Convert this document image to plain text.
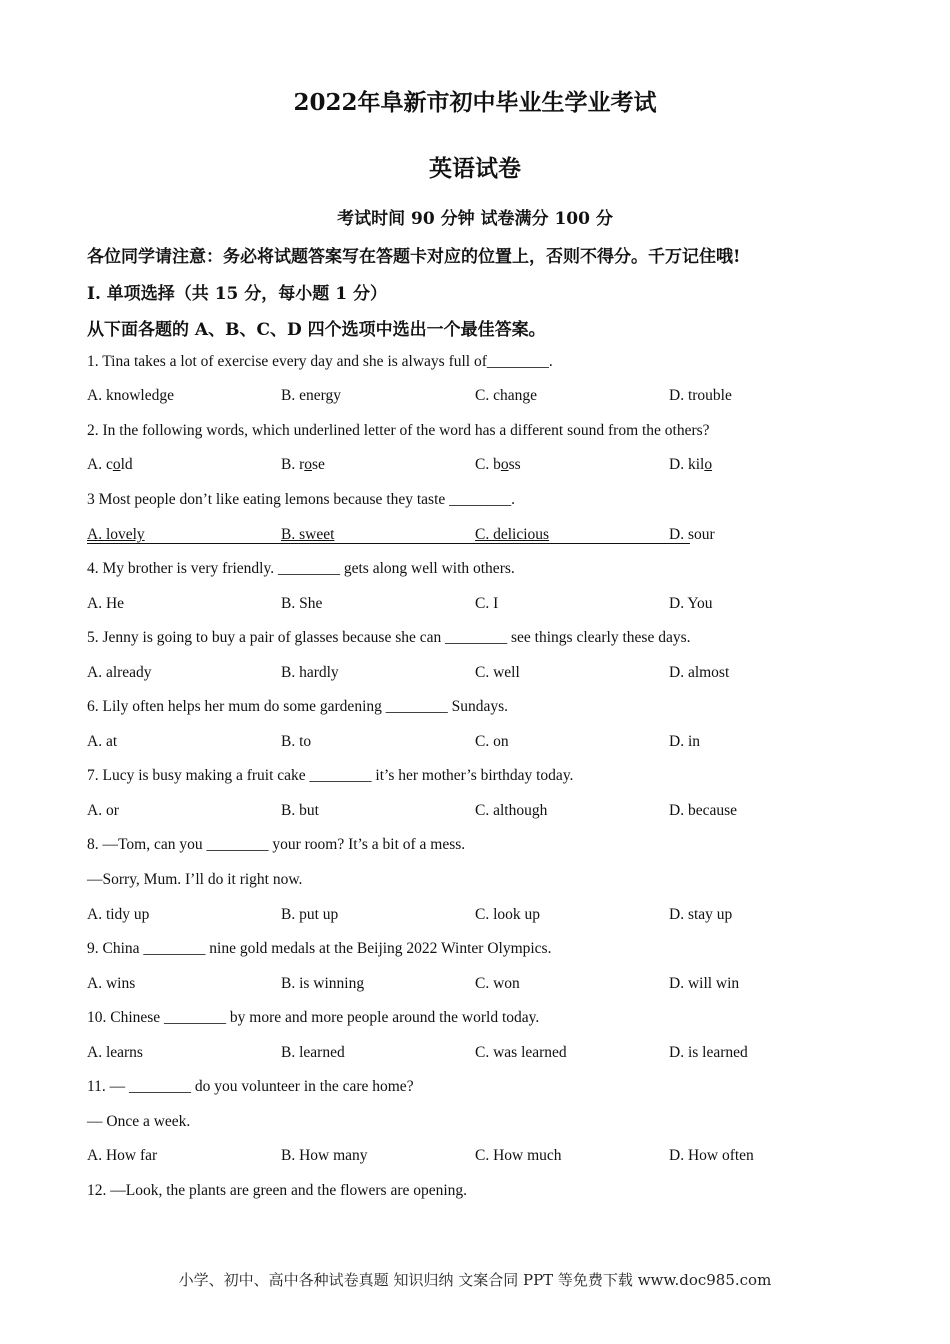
2022年阜新市初中毕业生学业考试
英语试卷
考试时间 90 分钟 试卷满分 100 分
各位同学请注意：务必将试题答案写在答题卡对应的位置上，否则不得分。千万记住哦!
I. 单项选择（共 15 分，每小题 1 分）
从下面各题的 A、B、C、D 四个选项中选出一个最佳答案。
1. Tina takes a lot of exercise every day and she is always full of________.
A. knowledge	B. energy	C. change	D. trouble
2. In the following words, which underlined letter of the word has a different sound from the others?
A. cold	B. rose	C. boss	D. kilo
3 Most people don’t like eating lemons because they taste ________.
A. lovely	B. sweet	C. delicious	D. sour
4. My brother is very friendly. ________ gets along well with others.
A. He	B. She	C. I	D. You
5. Jenny is going to buy a pair of glasses because she can ________ see things clearly these days.
A. already	B. hardly	C. well	D. almost
6. Lily often helps her mum do some gardening ________ Sundays.
A. at	B. to	C. on	D. in
7. Lucy is busy making a fruit cake ________ it’s her mother’s birthday today.
A. or	B. but	C. although	D. because
8. —Tom, can you ________ your room? It’s a bit of a mess.
—Sorry, Mum. I’ll do it right now.
A. tidy up	B. put up	C. look up	D. stay up
9. China ________ nine gold medals at the Beijing 2022 Winter Olympics.
A. wins	B. is winning	C. won	D. will win
10. Chinese ________ by more and more people around the world today.
A. learns	B. learned	C. was learned	D. is learned
11. — ________ do you volunteer in the care home?
— Once a week.
A. How far	B. How many	C. How much	D. How often
12. —Look, the plants are green and the flowers are opening.
小学、初中、高中各种试卷真题 知识归纳 文案合同 PPT 等免费下载 www.doc985.com
